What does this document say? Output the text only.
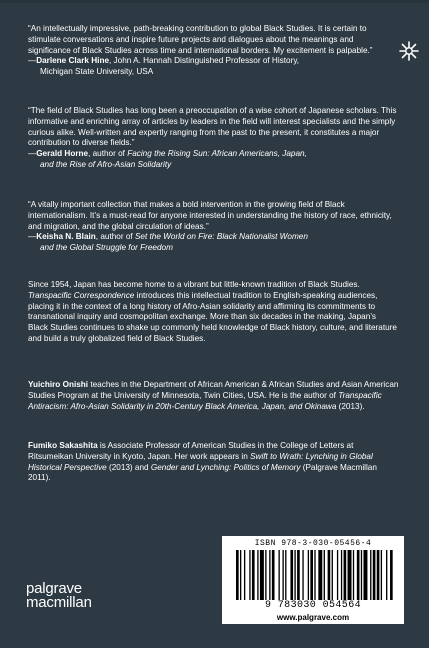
“An intellectually impressive, path-breaking contribution to global Black Studies. It is certain to stimulate conversations and inspire future projects and dialogues about the meanings and significance of Black Studies across time and international borders. My excitement is palpable.”

—Darlene Clark Hine, John A. Hannah Distinguished Professor of History,
Michigan State University, USA

“The field of Black Studies has long been a preoccupation of a wise cohort of Japanese scholars. This informative and enriching array of articles by leaders in the field will interest specialists and the simply curious alike. Well-written and expertly ranging from the past to the present, it constitutes a major contribution to diverse fields.”

—Gerald Horne, author of Facing the Rising Sun: African Americans, Japan,
and the Rise of Afro-Asian Solidarity

“A vitally important collection that makes a bold intervention in the growing field of Black internationalism. It’s a must-read for anyone interested in understanding the history of race, ethnicity, and migration, and the global circulation of ideas.”

—Keisha N. Blain, author of Set the World on Fire: Black Nationalist Women
and the Global Struggle for Freedom

Since 1954, Japan has become home to a vibrant but little-known tradition of Black Studies. Transpacific Correspondence introduces this intellectual tradition to English-speaking audiences, placing it in the context of a long history of Afro-Asian solidarity and affirming its commitments to transnational inquiry and cosmopolitan exchange. More than six decades in the making, Japan’s Black Studies continues to shake up commonly held knowledge of Black history, culture, and literature and build a truly globalized field of Black Studies.
Yuichiro Onishi teaches in the Department of African American & African Studies and Asian American Studies Program at the University of Minnesota, Twin Cities, USA. He is the author of Transpacific Antiracism: Afro-Asian Solidarity in 20th-Century Black America, Japan, and Okinawa (2013).
Fumiko Sakashita is Associate Professor of American Studies in the College of Letters at Ritsumeikan University in Kyoto, Japan. Her work appears in Swift to Wrath: Lynching in Global Historical Perspective (2013) and Gender and Lynching: Politics of Memory (Palgrave Macmillan 2011).
palgrave
macmillan
ISBN 978-3-030-05456-4
9 783030 054564
www.palgrave.com
